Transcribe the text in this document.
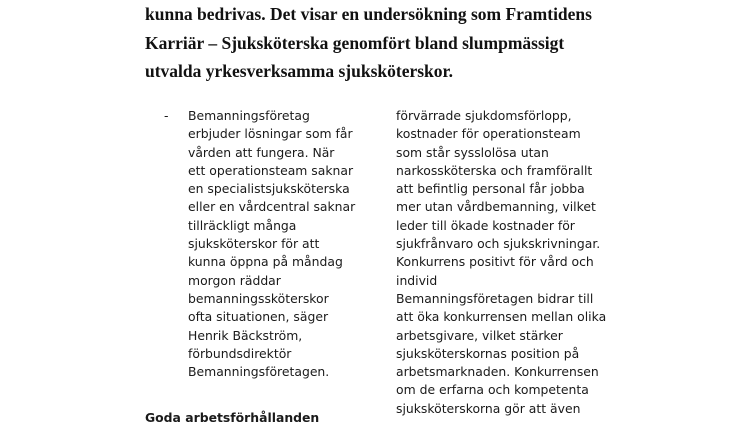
kunna bedrivas. Det visar en undersökning som Framtidens
Karriär – Sjuksköterska genomfört bland slumpmässigt
utvalda yrkesverksamma sjuksköterskor.
- Bemanningsföretag
erbjuder lösningar som får
vården att fungera. När
ett operationsteam saknar
en specialistsjuksköterska
eller en vårdcentral saknar
tillräckligt många
sjuksköterskor för att
kunna öppna på måndag
morgon räddar
bemanningssköterskor
ofta situationen, säger
Henrik Bäckström,
förbundsdirektör
Bemanningsföretagen.
förvärrade sjukdomsförlopp,
kostnader för operationsteam
som står sysslolösa utan
narkossköterska och framförallt
att befintlig personal får jobba
mer utan vårdbemanning, vilket
leder till ökade kostnader för
sjukfrånvaro och sjukskrivningar.
Konkurrens positivt för vård och
individ
Bemanningsföretagen bidrar till
att öka konkurrensen mellan olika
arbetsgivare, vilket stärker
sjuksköterskornas position på
arbetsmarknaden. Konkurrensen
om de erfarna och kompetenta
sjuksköterskorna gör att även
Goda arbetsförhållanden
